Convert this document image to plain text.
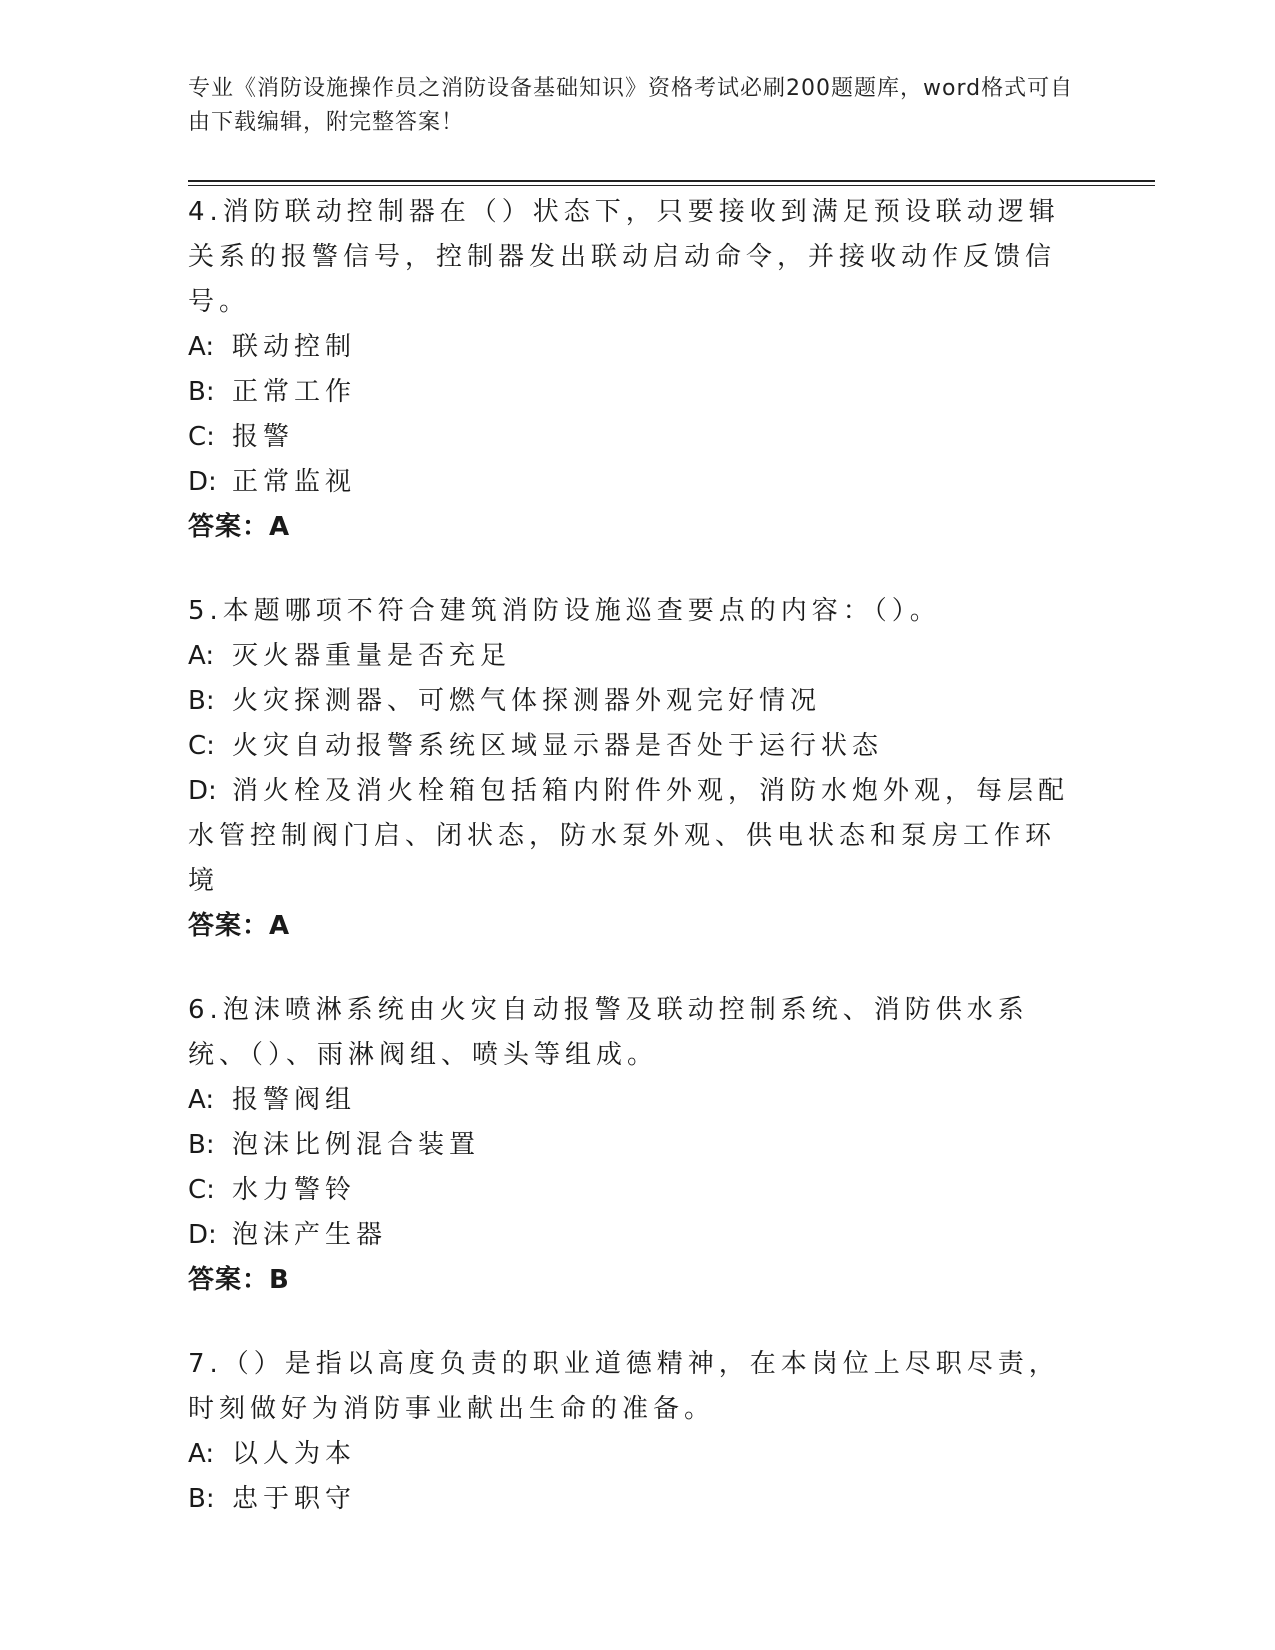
专业《消防设施操作员之消防设备基础知识》资格考试必刷200题题库，word格式可自由下载编辑，附完整答案！

4.消防联动控制器在（）状态下，只要接收到满足预设联动逻辑关系的报警信号，控制器发出联动启动命令，并接收动作反馈信号。

A: 联动控制

B: 正常工作

C: 报警

D: 正常监视

答案：A

5.本题哪项不符合建筑消防设施巡查要点的内容：（）。

A: 灭火器重量是否充足

B: 火灾探测器、可燃气体探测器外观完好情况

C: 火灾自动报警系统区域显示器是否处于运行状态

D: 消火栓及消火栓箱包括箱内附件外观，消防水炮外观，每层配水管控制阀门启、闭状态，防水泵外观、供电状态和泵房工作环境

答案：A

6.泡沫喷淋系统由火灾自动报警及联动控制系统、消防供水系统、（）、雨淋阀组、喷头等组成。

A: 报警阀组

B: 泡沫比例混合装置

C: 水力警铃

D: 泡沫产生器

答案：B

7.（）是指以高度负责的职业道德精神，在本岗位上尽职尽责，时刻做好为消防事业献出生命的准备。

A: 以人为本

B: 忠于职守
